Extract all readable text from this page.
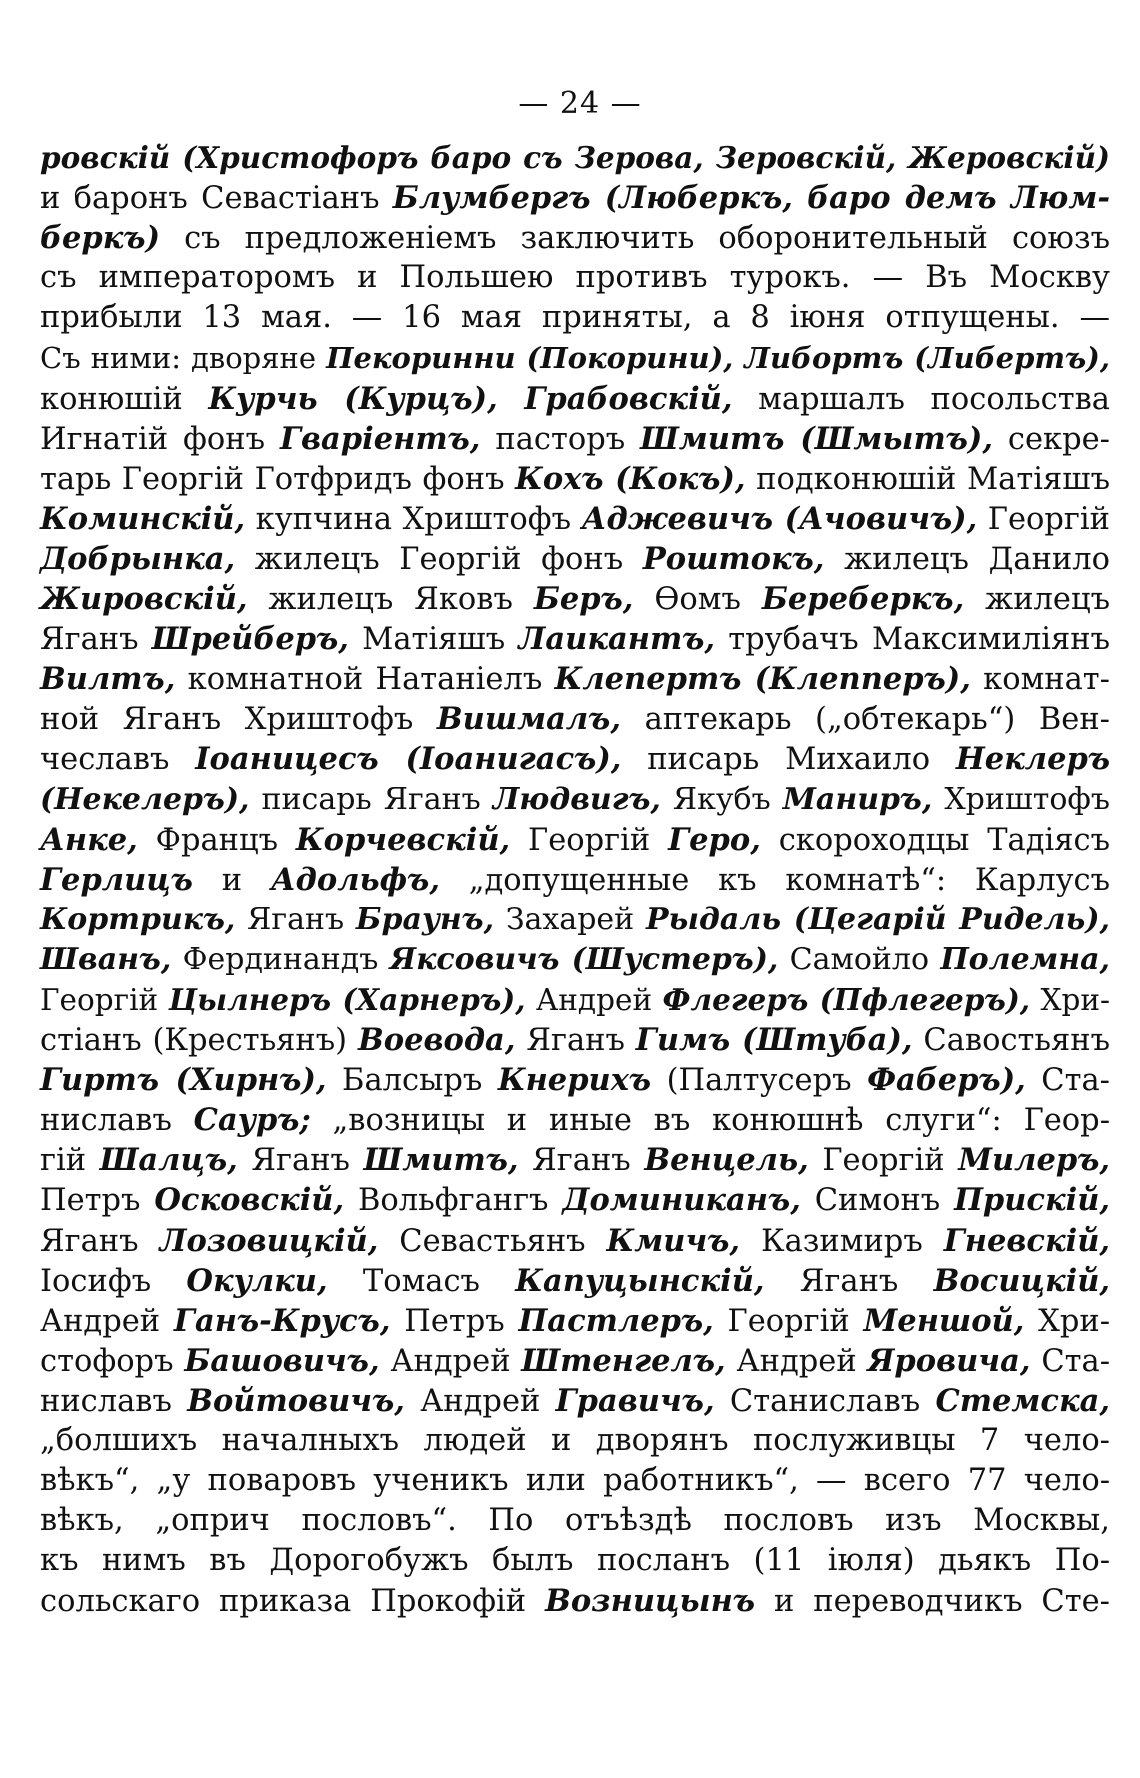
— 24 —
ровскій (Христофоръ баро съ Зерова, Зеровскій, Жеровскій)
и баронъ Севастіанъ Блумбергъ (Люберкъ, баро демъ Люм-
беркъ) съ предложеніемъ заключить оборонительный союзъ
съ императоромъ и Польшею противъ турокъ. — Въ Москву
прибыли 13 мая. — 16 мая приняты, а 8 іюня отпущены. —
Съ ними: дворяне Пекоринни (Покорини), Либортъ (Либертъ),
конюшій Курчь (Курцъ), Грабовскій, маршалъ посольства
Игнатій фонъ Гваріентъ, пасторъ Шмитъ (Шмытъ), секре-
тарь Георгій Готфридъ фонъ Кохъ (Кокъ), подконюшій Матіяшъ
Коминскій, купчина Хриштофъ Аджевичъ (Ачовичъ), Георгій
Добрынка, жилецъ Георгій фонъ Роштокъ, жилецъ Данило
Жировскій, жилецъ Яковъ Беръ, Ѳомъ Береберкъ, жилецъ
Яганъ Шрейберъ, Матіяшъ Лаикантъ, трубачъ Максимиліянъ
Вилтъ, комнатной Натаніелъ Клепертъ (Клепперъ), комнат-
ной Яганъ Хриштофъ Вишмалъ, аптекарь („обтекарь“) Вен-
чеславъ Іоаницесъ (Іоанигасъ), писарь Михаило Неклеръ
(Некелеръ), писарь Яганъ Людвигъ, Якубъ Маниръ, Хриштофъ
Анке, Францъ Корчевскій, Георгій Геро, скороходцы Тадіясъ
Герлицъ и Адольфъ, „допущенные къ комнатѣ“: Карлусъ
Кортрикъ, Яганъ Браунъ, Захарей Рыдаль (Цегарій Ридель),
Шванъ, Фердинандъ Яксовичъ (Шустеръ), Самойло Полемна,
Георгій Цылнеръ (Харнеръ), Андрей Флегеръ (Пфлегеръ), Хри-
стіанъ (Крестьянъ) Воевода, Яганъ Гимъ (Штуба), Савостьянъ
Гиртъ (Хирнъ), Балсыръ Кнерихъ (Палтусеръ Фаберъ), Ста-
ниславъ Сауръ; „возницы и иные въ конюшнѣ слуги“: Геор-
гій Шалцъ, Яганъ Шмитъ, Яганъ Венцель, Георгій Милеръ,
Петръ Осковскій, Вольфгангъ Доминиканъ, Симонъ Прискій,
Яганъ Лозовицкій, Севастьянъ Кмичъ, Казимиръ Гневскій,
Іосифъ Окулки, Томасъ Капуцынскій, Яганъ Восицкій,
Андрей Ганъ-Крусъ, Петръ Пастлеръ, Георгій Меншой, Хри-
стофоръ Башовичъ, Андрей Штенгелъ, Андрей Яровича, Ста-
ниславъ Войтовичъ, Андрей Гравичъ, Станиславъ Стемска,
„болшихъ началныхъ людей и дворянъ послуживцы 7 чело-
вѣкъ“, „у поваровъ ученикъ или работникъ“, — всего 77 чело-
вѣкъ, „оприч пословъ“. По отъѣздѣ пословъ изъ Москвы,
къ нимъ въ Дорогобужъ былъ посланъ (11 іюля) дьякъ По-
сольскаго приказа Прокофій Возницынъ и переводчикъ Сте-
